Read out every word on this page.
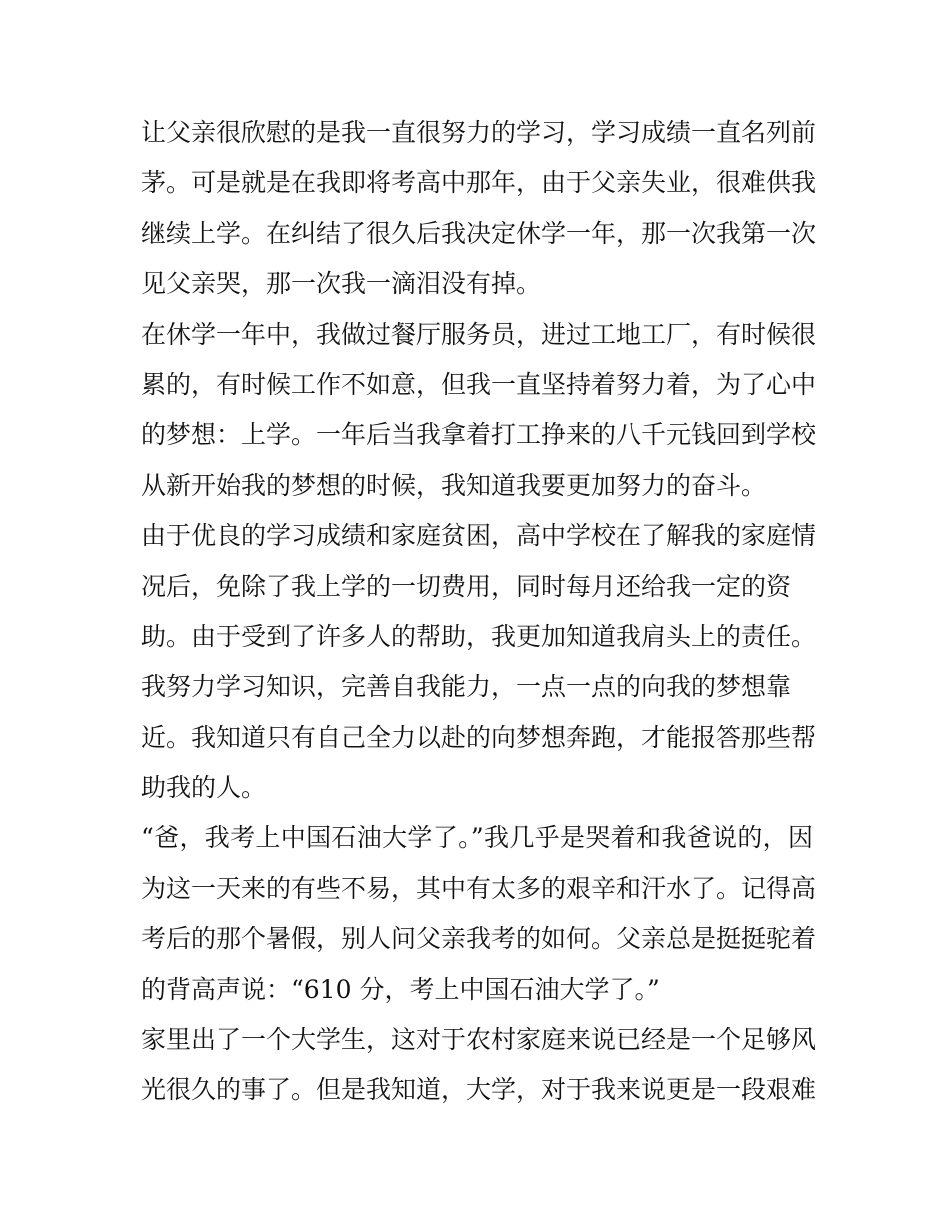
让父亲很欣慰的是我一直很努力的学习，学习成绩一直名列前
茅。可是就是在我即将考高中那年，由于父亲失业，很难供我
继续上学。在纠结了很久后我决定休学一年，那一次我第一次
见父亲哭，那一次我一滴泪没有掉。
在休学一年中，我做过餐厅服务员，进过工地工厂，有时候很
累的，有时候工作不如意，但我一直坚持着努力着，为了心中
的梦想：上学。一年后当我拿着打工挣来的八千元钱回到学校
从新开始我的梦想的时候，我知道我要更加努力的奋斗。
由于优良的学习成绩和家庭贫困，高中学校在了解我的家庭情
况后，免除了我上学的一切费用，同时每月还给我一定的资
助。由于受到了许多人的帮助，我更加知道我肩头上的责任。
我努力学习知识，完善自我能力，一点一点的向我的梦想靠
近。我知道只有自己全力以赴的向梦想奔跑，才能报答那些帮
助我的人。
“爸，我考上中国石油大学了。”我几乎是哭着和我爸说的，因
为这一天来的有些不易，其中有太多的艰辛和汗水了。记得高
考后的那个暑假，别人问父亲我考的如何。父亲总是挺挺驼着
的背高声说：“610 分，考上中国石油大学了。”
家里出了一个大学生，这对于农村家庭来说已经是一个足够风
光很久的事了。但是我知道，大学，对于我来说更是一段艰难
